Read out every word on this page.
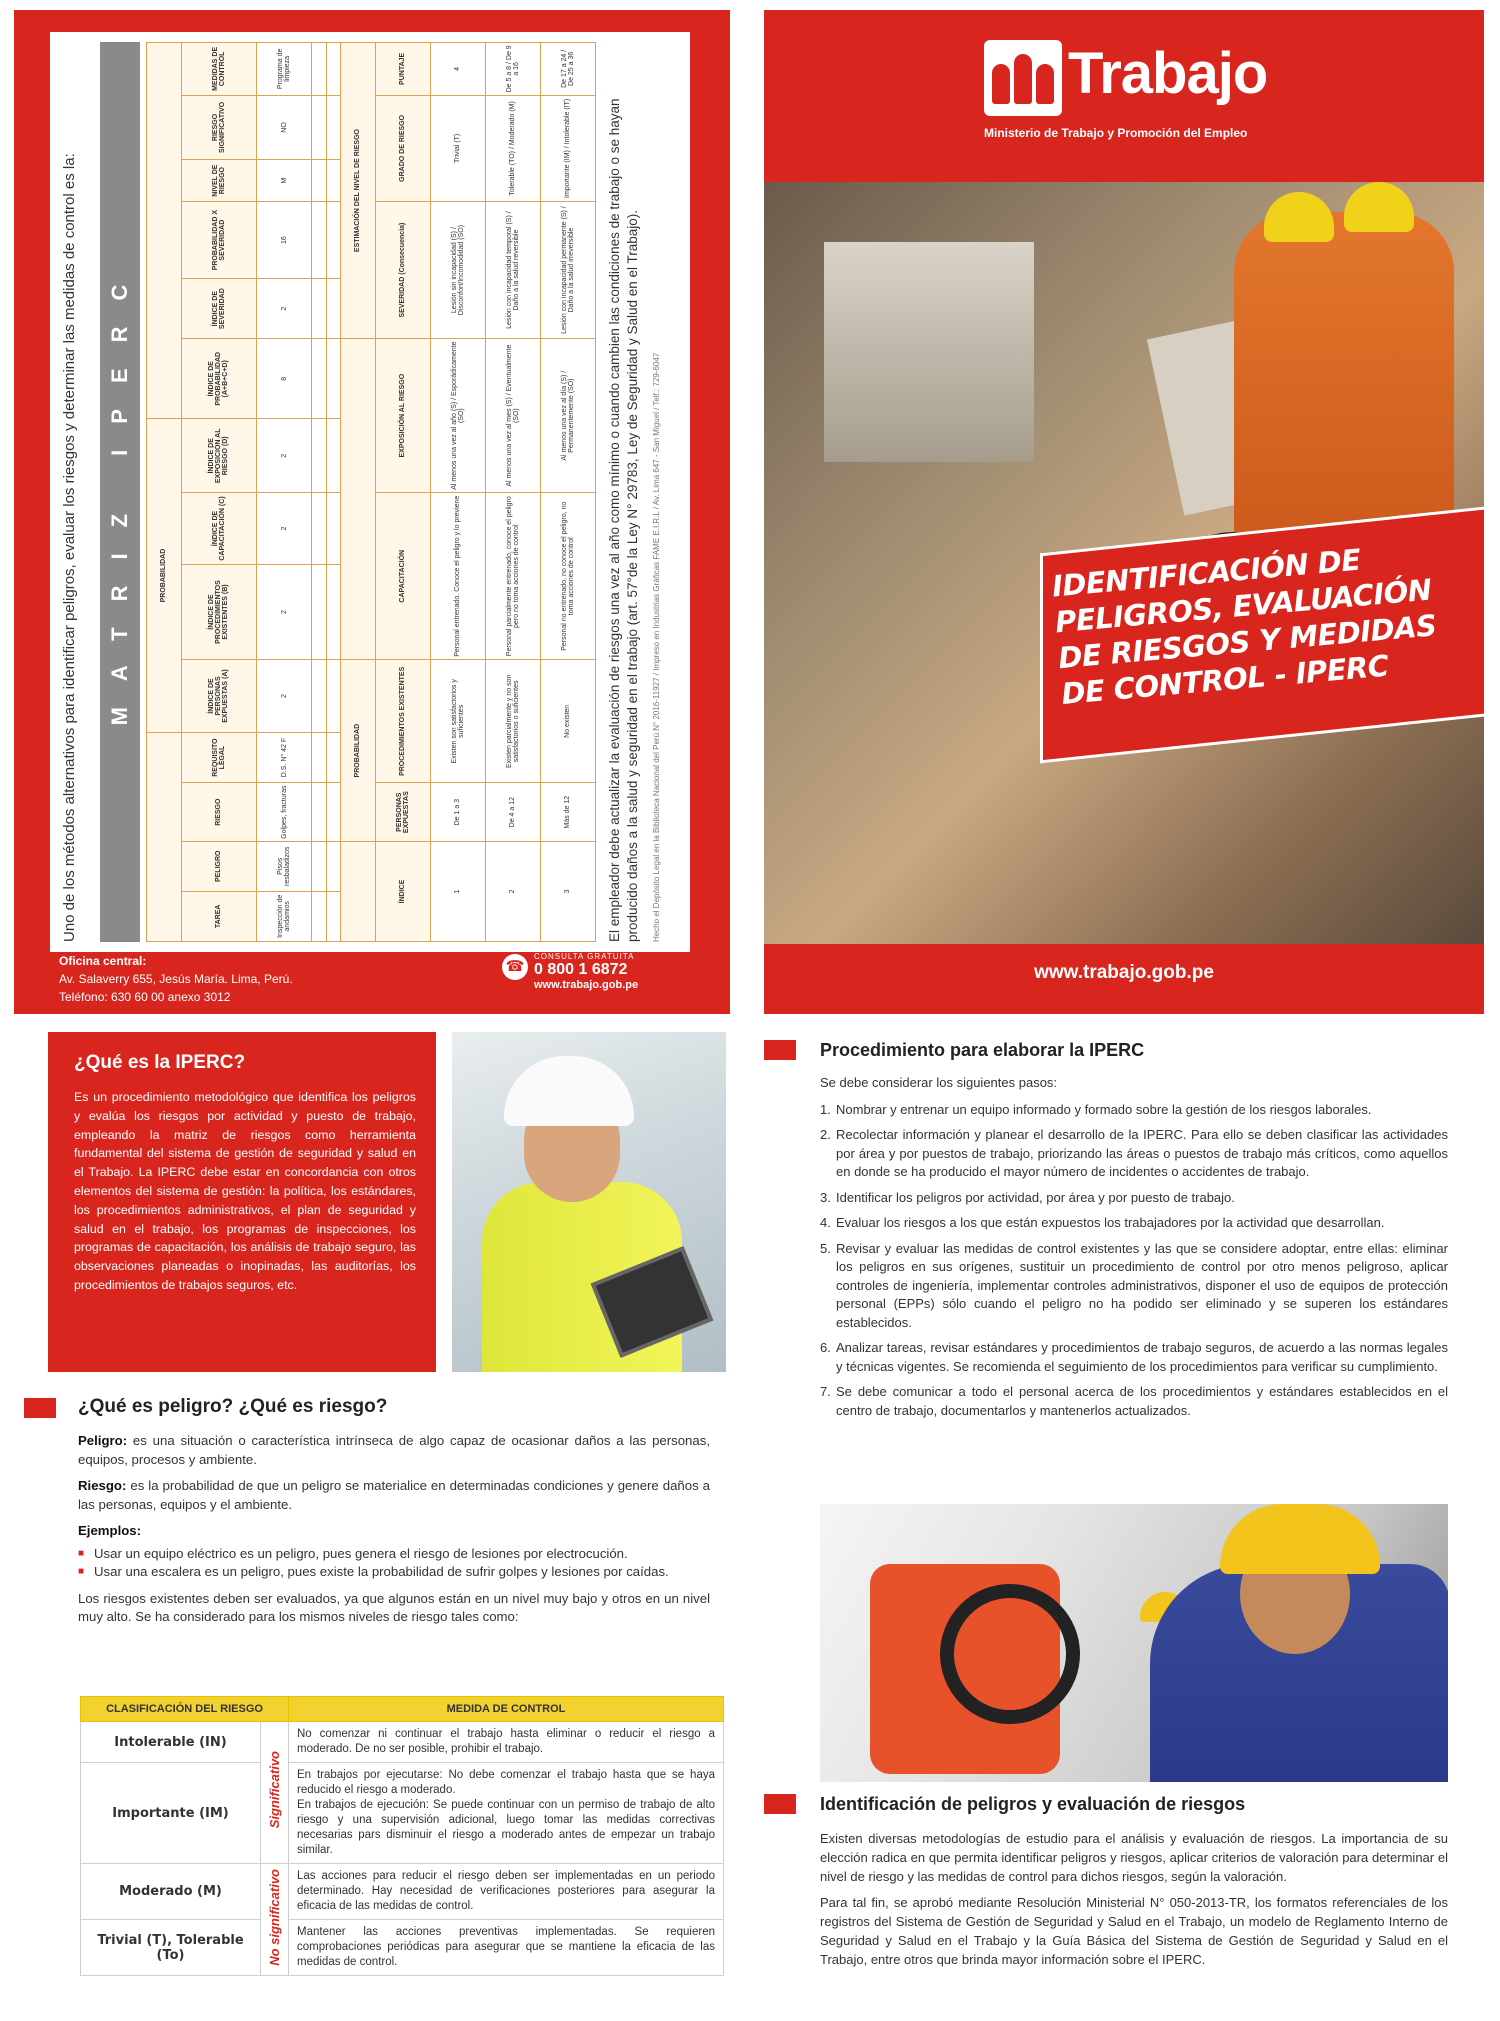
Uno de los métodos alternativos para identificar peligros, evaluar los riesgos y determinar las medidas de control es la:	MATRIZ IPERC
				PROBABILIDAD									
TAREA	PELIGRO	RIESGO	REQUISITO LEGAL	ÍNDICE DE PERSONAS EXPUESTAS (A)	ÍNDICE DE PROCEDIMIENTOS EXISTENTES (B)	ÍNDICE DE CAPACITACIÓN (C)	ÍNDICE DE EXPOSICIÓN AL RIESGO (D)	ÍNDICE DE PROBABILIDAD (A+B+C+D)	ÍNDICE DE SEVERIDAD	PROBABILIDAD X SEVERIDAD	NIVEL DE RIESGO	RIESGO SIGNIFICATIVO	MEDIDAS DE CONTROL
Inspección de andamios	Pisos resbaladizos	Golpes, fracturas	D.S. N° 42 F	2	2	2	2	8	2	16	M	NO	Programa de limpieza

		PROBABILIDAD							ESTIMACIÓN DEL NIVEL DE RIESGO				
ÍNDICE		PERSONAS EXPUESTAS	PROCEDIMIENTOS EXISTENTES		CAPACITACIÓN		EXPOSICIÓN AL RIESGO		SEVERIDAD (Consecuencia)		GRADO DE RIESGO		PUNTAJE
1		De 1 a 3	Existen son satisfactorios y suficientes		Personal entrenado. Conoce el peligro y lo previene		Al menos una vez al año (S) / Esporádicamente (SO)		Lesión sin incapacidad (S) / Disconfort/Incomodidad (SO)		Trivial (T)		4
2		De 4 a 12	Existen parcialmente y no son satisfactorios o suficientes		Personal parcialmente entrenado, conoce el peligro pero no toma acciones de control		Al menos una vez al mes (S) / Eventualmente (SO)		Lesión con incapacidad temporal (S) / Daño a la salud reversible		Tolerable (TO) / Moderado (M)		De 5 a 8 / De 9 a 16
3		Más de 12	No existen		Personal no entrenado, no conoce el peligro, no toma acciones de control		Al menos una vez al día (S) / Permanentemente (SO)		Lesión con incapacidad permanente (S) / Daño a la salud irreversible		Importante (IM) / Intolerable (IT)		De 17 a 24 / De 25 a 36
El empleador debe actualizar la evaluación de riesgos una vez al año como mínimo o cuando cambien las condiciones de trabajo o se hayan producido daños a la salud y seguridad en el trabajo (art. 57°de la Ley N° 29783, Ley de Seguridad y Salud en el Trabajo). Hecho el Depósito Legal en la Biblioteca Nacional del Perú N° 2016-11927 / Impreso en Industrias Gráficas FAME E.I.R.L / Av. Lima 647 - San Miguel / Telf.: 729-6047
Oficina central:
Av. Salaverry 655, Jesús María. Lima, Perú.
Teléfono: 630 60 00 anexo 3012
☎
CONSULTA GRATUITA
0 800 1 6872
www.trabajo.gob.pe
Trabajo
Ministerio de Trabajo y Promoción del Empleo
IDENTIFICACIÓN DE PELIGROS, EVALUACIÓN DE RIESGOS Y MEDIDAS DE CONTROL - IPERC
www.trabajo.gob.pe
¿Qué es la IPERC?

Es un procedimiento metodológico que identifica los peligros y evalúa los riesgos por actividad y puesto de trabajo, empleando la matriz de riesgos como herramienta fundamental del sistema de gestión de seguridad y salud en el Trabajo. La IPERC debe estar en concordancia con otros elementos del sistema de gestión: la política, los estándares, los procedimientos administrativos, el plan de seguridad y salud en el trabajo, los programas de inspecciones, los programas de capacitación, los análisis de trabajo seguro, las observaciones planeadas o inopinadas, las auditorías, los procedimientos de trabajos seguros, etc.

¿Qué es peligro? ¿Qué es riesgo?

Peligro: es una situación o característica intrínseca de algo capaz de ocasionar daños a las personas, equipos, procesos y ambiente.

Riesgo: es la probabilidad de que un peligro se materialice en determinadas condiciones y genere daños a las personas, equipos y el ambiente.

Ejemplos:
■ Usar un equipo eléctrico es un peligro, pues genera el riesgo de lesiones por electrocución.
■ Usar una escalera es un peligro, pues existe la probabilidad de sufrir golpes y lesiones por caídas.

Los riesgos existentes deben ser evaluados, ya que algunos están en un nivel muy bajo y otros en un nivel muy alto. Se ha considerado para los mismos niveles de riesgo tales como:

CLASIFICACIÓN DEL RIESGO		MEDIDA DE CONTROL
Intolerable (IN)	Significativo	No comenzar ni continuar el trabajo hasta eliminar o reducir el riesgo a moderado. De no ser posible, prohibir el trabajo.
Importante (IM)		En trabajos por ejecutarse: No debe comenzar el trabajo hasta que se haya reducido el riesgo a moderado.
En trabajos de ejecución: Se puede continuar con un permiso de trabajo de alto riesgo y una supervisión adicional, luego tomar las medidas correctivas necesarias pars disminuir el riesgo a moderado antes de empezar un trabajo similar.

Moderado (M)	No significativo	Las acciones para reducir el riesgo deben ser implementadas en un periodo determinado. Hay necesidad de verificaciones posteriores para asegurar la eficacia de las medidas de control.
Trivial (T), Tolerable (To)		Mantener las acciones preventivas implementadas. Se requieren comprobaciones periódicas para asegurar que se mantiene la eficacia de las medidas de control.
Procedimiento para elaborar la IPERC

Se debe considerar los siguientes pasos:

1. Nombrar y entrenar un equipo informado y formado sobre la gestión de los riesgos laborales.
2. Recolectar información y planear el desarrollo de la IPERC. Para ello se deben clasificar las actividades por área y por puestos de trabajo, priorizando las áreas o puestos de trabajo más críticos, como aquellos en donde se ha producido el mayor número de incidentes o accidentes de trabajo.
3. Identificar los peligros por actividad, por área y por puesto de trabajo.
4. Evaluar los riesgos a los que están expuestos los trabajadores por la actividad que desarrollan.
5. Revisar y evaluar las medidas de control existentes y las que se considere adoptar, entre ellas: eliminar los peligros en sus orígenes, sustituir un procedimiento de control por otro menos peligroso, aplicar controles de ingeniería, implementar controles administrativos, disponer el uso de equipos de protección personal (EPPs) sólo cuando el peligro no ha podido ser eliminado y se superen los estándares establecidos.
6. Analizar tareas, revisar estándares y procedimientos de trabajo seguros, de acuerdo a las normas legales y técnicas vigentes. Se recomienda el seguimiento de los procedimientos para verificar su cumplimiento.
7. Se debe comunicar a todo el personal acerca de los procedimientos y estándares establecidos en el centro de trabajo, documentarlos y mantenerlos actualizados.
Identificación de peligros y evaluación de riesgos

Existen diversas metodologías de estudio para el análisis y evaluación de riesgos. La importancia de su elección radica en que permita identificar peligros y riesgos, aplicar criterios de valoración para determinar el nivel de riesgo y las medidas de control para dichos riesgos, según la valoración.

Para tal fin, se aprobó mediante Resolución Ministerial N° 050-2013-TR, los formatos referenciales de los registros del Sistema de Gestión de Seguridad y Salud en el Trabajo, un modelo de Reglamento Interno de Seguridad y Salud en el Trabajo y la Guía Básica del Sistema de Gestión de Seguridad y Salud en el Trabajo, entre otros que brinda mayor información sobre el IPERC.
